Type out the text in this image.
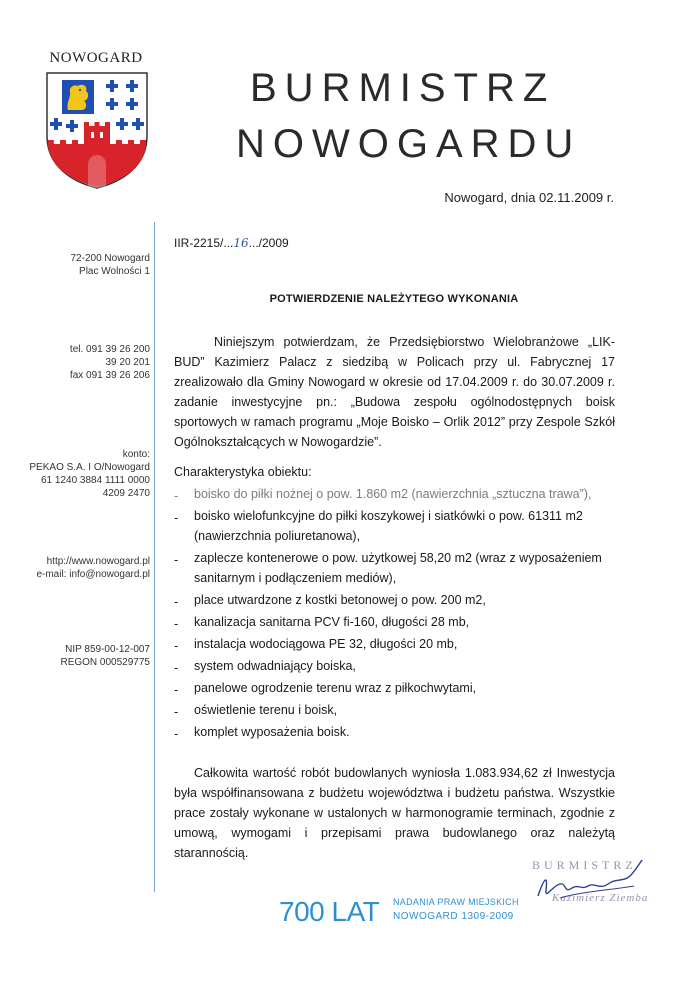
NOWOGARD
BURMISTRZ
NOWOGARDU
Nowogard, dnia 02.11.2009 r.
72-200 Nowogard
Plac Wolności 1
tel. 091 39 26 200
39 20 201
fax 091 39 26 206
konto:
PEKAO S.A. I O/Nowogard
61 1240 3884 1111 0000
4209 2470
http://www.nowogard.pl
e-mail: info@nowogard.pl
NIP 859-00-12-007
REGON 000529775
IIR-2215/...16.../2009
POTWIERDZENIE NALEŻYTEGO WYKONANIA
Niniejszym potwierdzam, że Przedsiębiorstwo Wielobranżowe „LIK-BUD” Kazimierz Palacz z siedzibą w Policach przy ul. Fabrycznej 17 zrealizowało dla Gminy Nowogard w okresie od 17.04.2009 r. do 30.07.2009 r. zadanie inwestycyjne pn.: „Budowa zespołu ogólnodostępnych boisk sportowych w ramach programu „Moje Boisko – Orlik 2012” przy Zespole Szkół Ogólnokształcących w Nowogardzie”.
Charakterystyka obiektu:
- boisko do piłki nożnej o pow. 1.860 m2 (nawierzchnia „sztuczna trawa”),
- boisko wielofunkcyjne do piłki koszykowej i siatkówki o pow. 61311 m2 (nawierzchnia poliuretanowa),
- zaplecze kontenerowe o pow. użytkowej 58,20 m2 (wraz z wyposażeniem sanitarnym i podłączeniem mediów),
- place utwardzone z kostki betonowej o pow. 200 m2,
- kanalizacja sanitarna PCV fi-160, długości 28 mb,
- instalacja wodociągowa PE 32, długości 20 mb,
- system odwadniający boiska,
- panelowe ogrodzenie terenu wraz z piłkochwytami,
- oświetlenie terenu i boisk,
- komplet wyposażenia boisk.
Całkowita wartość robót budowlanych wyniosła 1.083.934,62 zł Inwestycja była współfinansowana z budżetu województwa i budżetu państwa. Wszystkie prace zostały wykonane w ustalonych w harmonogramie terminach, zgodnie z umową, wymogami i przepisami prawa budowlanego oraz należytą starannością.
BURMISTRZ
Kazimierz Ziemba
700 LAT NADANIA PRAW MIEJSKICH
NOWOGARD 1309-2009
